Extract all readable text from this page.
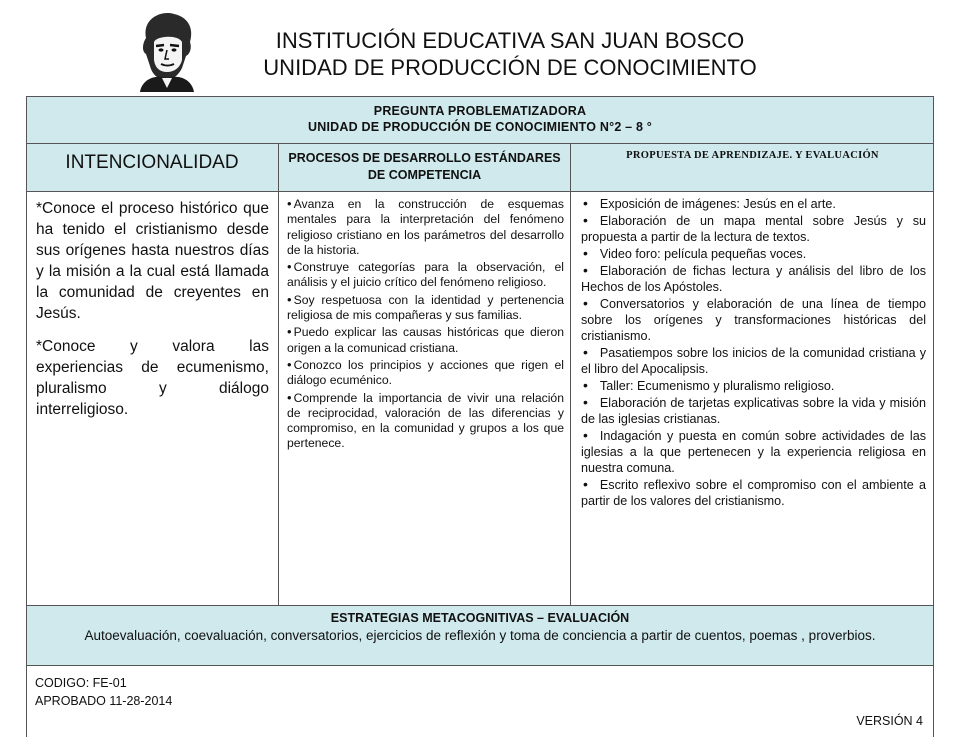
INSTITUCIÓN EDUCATIVA SAN JUAN BOSCO
UNIDAD DE PRODUCCIÓN DE CONOCIMIENTO
PREGUNTA PROBLEMATIZADORA
UNIDAD DE PRODUCCIÓN DE CONOCIMIENTO N°2 – 8 °
INTENCIONALIDAD	PROCESOS DE DESARROLLO ESTÁNDARES DE COMPETENCIA
PROPUESTA DE APRENDIZAJE. Y EVALUACIÓN

*Conoce el proceso histórico que ha tenido el cristianismo desde sus orígenes hasta nuestros días y la misión a la cual está llamada la comunidad de creyentes en Jesús.

*Conoce y valora las experiencias de ecumenismo, pluralismo y diálogo interreligioso.

• Avanza en la construcción de esquemas mentales para la interpretación del fenómeno religioso cristiano en los parámetros del desarrollo de la historia.
• Construye categorías para la observación, el análisis y el juicio crítico del fenómeno religioso.
• Soy respetuosa con la identidad y pertenencia religiosa de mis compañeras y sus familias.
• Puedo explicar las causas históricas que dieron origen a la comunicad cristiana.
• Conozco los principios y acciones que rigen el diálogo ecuménico.
• Comprende la importancia de vivir una relación de reciprocidad, valoración de las diferencias y compromiso, en la comunidad y grupos a los que pertenece.
• Exposición de imágenes: Jesús en el arte.
• Elaboración de un mapa mental sobre Jesús y su propuesta a partir de la lectura de textos.
• Video foro: película pequeñas voces.
• Elaboración de fichas lectura y análisis del libro de los Hechos de los Apóstoles.
• Conversatorios y elaboración de una línea de tiempo sobre los orígenes y transformaciones históricas del cristianismo.
• Pasatiempos sobre los inicios de la comunidad cristiana y el libro del Apocalipsis.
• Taller: Ecumenismo y pluralismo religioso.
• Elaboración de tarjetas explicativas sobre la vida y misión de las iglesias cristianas.
• Indagación y puesta en común sobre actividades de las iglesias a la que pertenecen y la experiencia religiosa en nuestra comuna.
• Escrito reflexivo sobre el compromiso con el ambiente a partir de los valores del cristianismo.
ESTRATEGIAS METACOGNITIVAS – EVALUACIÓN
Autoevaluación, coevaluación, conversatorios, ejercicios de reflexión y toma de conciencia a partir de cuentos, poemas , proverbios.
CODIGO: FE-01
APROBADO 11-28-2014
VERSIÓN 4
